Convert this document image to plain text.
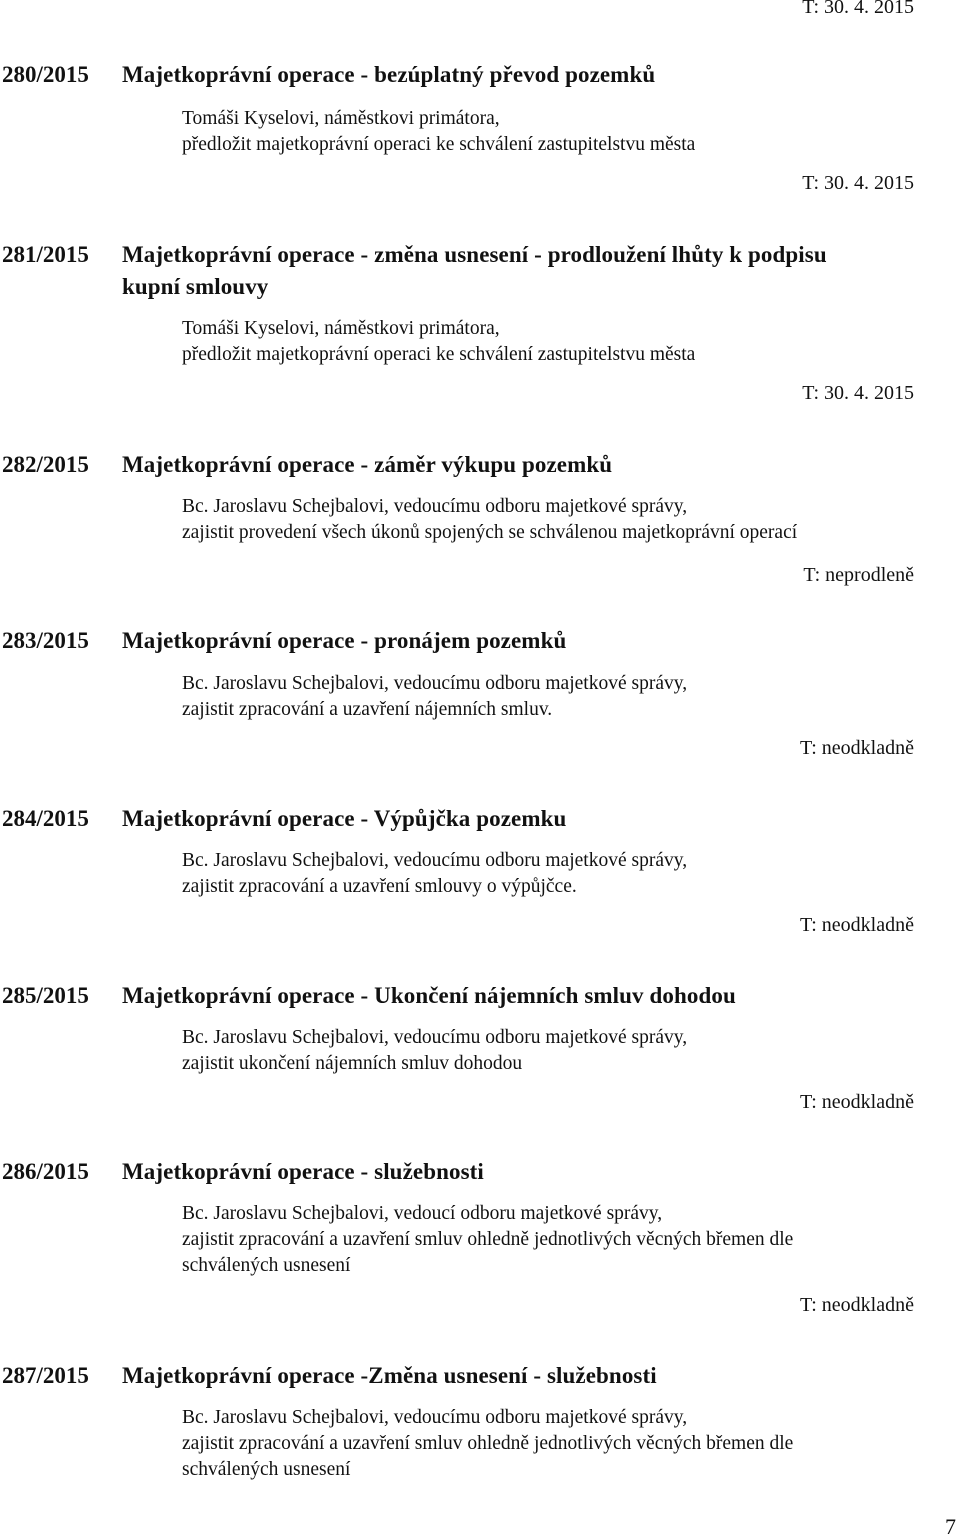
T: 30. 4. 2015
280/2015 Majetkoprávní operace - bezúplatný převod pozemků
Tomáši Kyselovi, náměstkovi primátora,
předložit majetkoprávní operaci ke schválení zastupitelstvu města
T: 30. 4. 2015
281/2015 Majetkoprávní operace - změna usnesení - prodloužení lhůty k podpisu
kupní smlouvy
Tomáši Kyselovi, náměstkovi primátora,
předložit majetkoprávní operaci ke schválení zastupitelstvu města
T: 30. 4. 2015
282/2015 Majetkoprávní operace - záměr výkupu pozemků
Bc. Jaroslavu Schejbalovi, vedoucímu odboru majetkové správy,
zajistit provedení všech úkonů spojených se schválenou majetkoprávní operací
T: neprodleně
283/2015 Majetkoprávní operace - pronájem pozemků
Bc. Jaroslavu Schejbalovi, vedoucímu odboru majetkové správy,
zajistit zpracování a uzavření nájemních smluv.
T: neodkladně
284/2015 Majetkoprávní operace - Výpůjčka pozemku
Bc. Jaroslavu Schejbalovi, vedoucímu odboru majetkové správy,
zajistit zpracování a uzavření smlouvy o výpůjčce.
T: neodkladně
285/2015 Majetkoprávní operace - Ukončení nájemních smluv dohodou
Bc. Jaroslavu Schejbalovi, vedoucímu odboru majetkové správy,
zajistit ukončení nájemních smluv dohodou
T: neodkladně
286/2015 Majetkoprávní operace - služebnosti
Bc. Jaroslavu Schejbalovi, vedoucí odboru majetkové správy,
zajistit zpracování a uzavření smluv ohledně jednotlivých věcných břemen dle
schválených usnesení
T: neodkladně
287/2015 Majetkoprávní operace -Změna usnesení - služebnosti
Bc. Jaroslavu Schejbalovi, vedoucímu odboru majetkové správy,
zajistit zpracování a uzavření smluv ohledně jednotlivých věcných břemen dle
schválených usnesení
7
